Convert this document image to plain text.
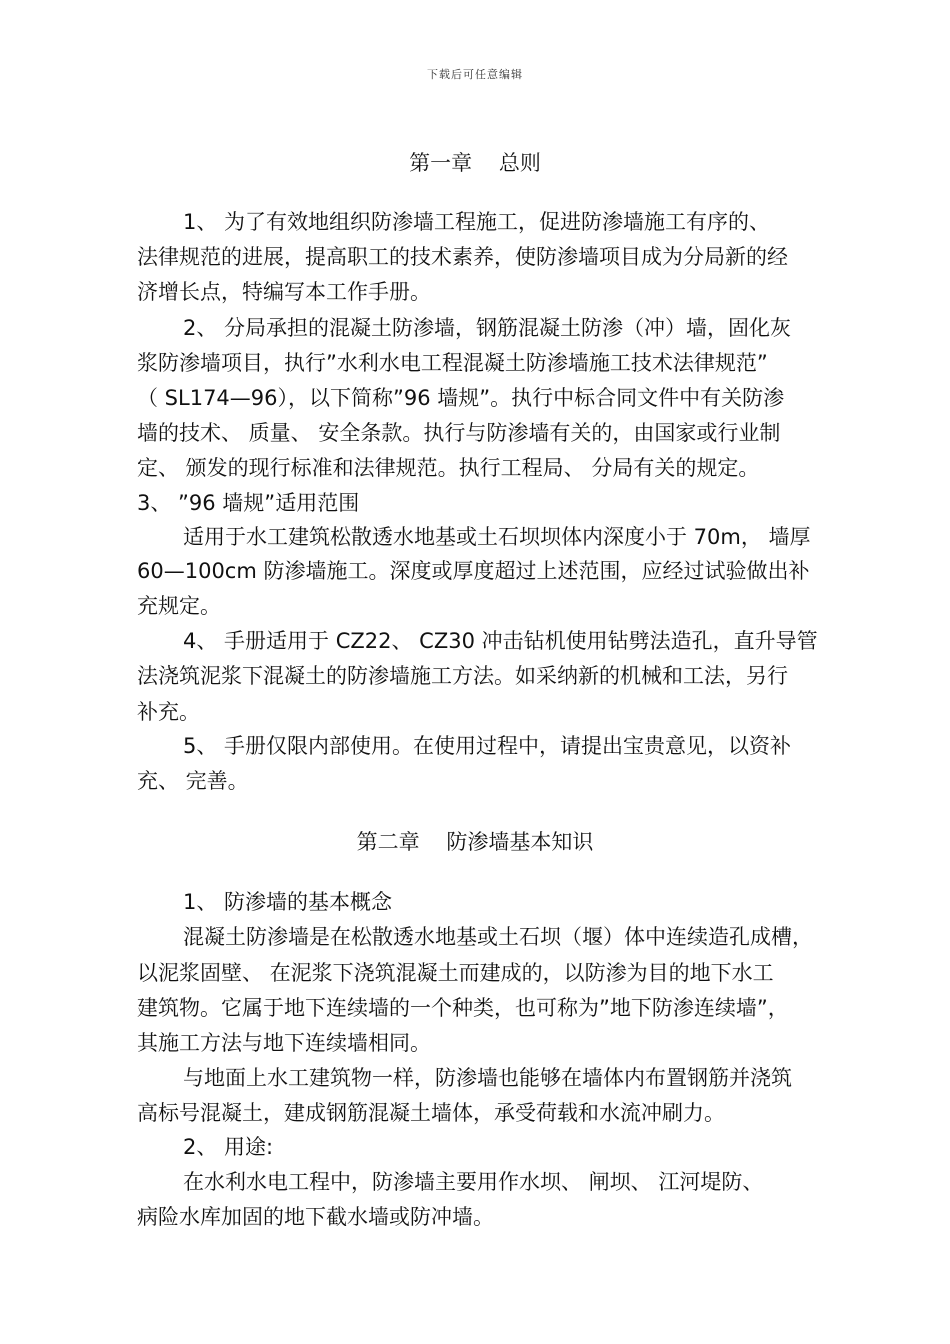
下载后可任意编辑
第一章    总则
1、 为了有效地组织防渗墙工程施工，促进防渗墙施工有序的、
法律规范的进展，提高职工的技术素养，使防渗墙项目成为分局新的经
济增长点，特编写本工作手册。
2、 分局承担的混凝土防渗墙，钢筋混凝土防渗（冲）墙，固化灰
浆防渗墙项目，执行”水利水电工程混凝土防渗墙施工技术法律规范”
（ SL174—96），以下简称”96 墙规”。执行中标合同文件中有关防渗
墙的技术、 质量、 安全条款。执行与防渗墙有关的，由国家或行业制
定、 颁发的现行标准和法律规范。执行工程局、 分局有关的规定。
3、 ”96 墙规”适用范围
适用于水工建筑松散透水地基或土石坝坝体内深度小于 70m， 墙厚
60—100cm 防渗墙施工。深度或厚度超过上述范围，应经过试验做出补
充规定。
4、 手册适用于 CZ22、 CZ30 冲击钻机使用钻劈法造孔，直升导管
法浇筑泥浆下混凝土的防渗墙施工方法。如采纳新的机械和工法，另行
补充。
5、 手册仅限内部使用。在使用过程中，请提出宝贵意见，以资补
充、 完善。
第二章    防渗墙基本知识
1、 防渗墙的基本概念
混凝土防渗墙是在松散透水地基或土石坝（堰）体中连续造孔成槽，
以泥浆固壁、 在泥浆下浇筑混凝土而建成的，以防渗为目的地下水工
建筑物。它属于地下连续墙的一个种类，也可称为”地下防渗连续墙”，
其施工方法与地下连续墙相同。
与地面上水工建筑物一样，防渗墙也能够在墙体内布置钢筋并浇筑
高标号混凝土，建成钢筋混凝土墙体，承受荷载和水流冲刷力。
2、 用途:
在水利水电工程中，防渗墙主要用作水坝、 闸坝、 江河堤防、
病险水库加固的地下截水墙或防冲墙。
